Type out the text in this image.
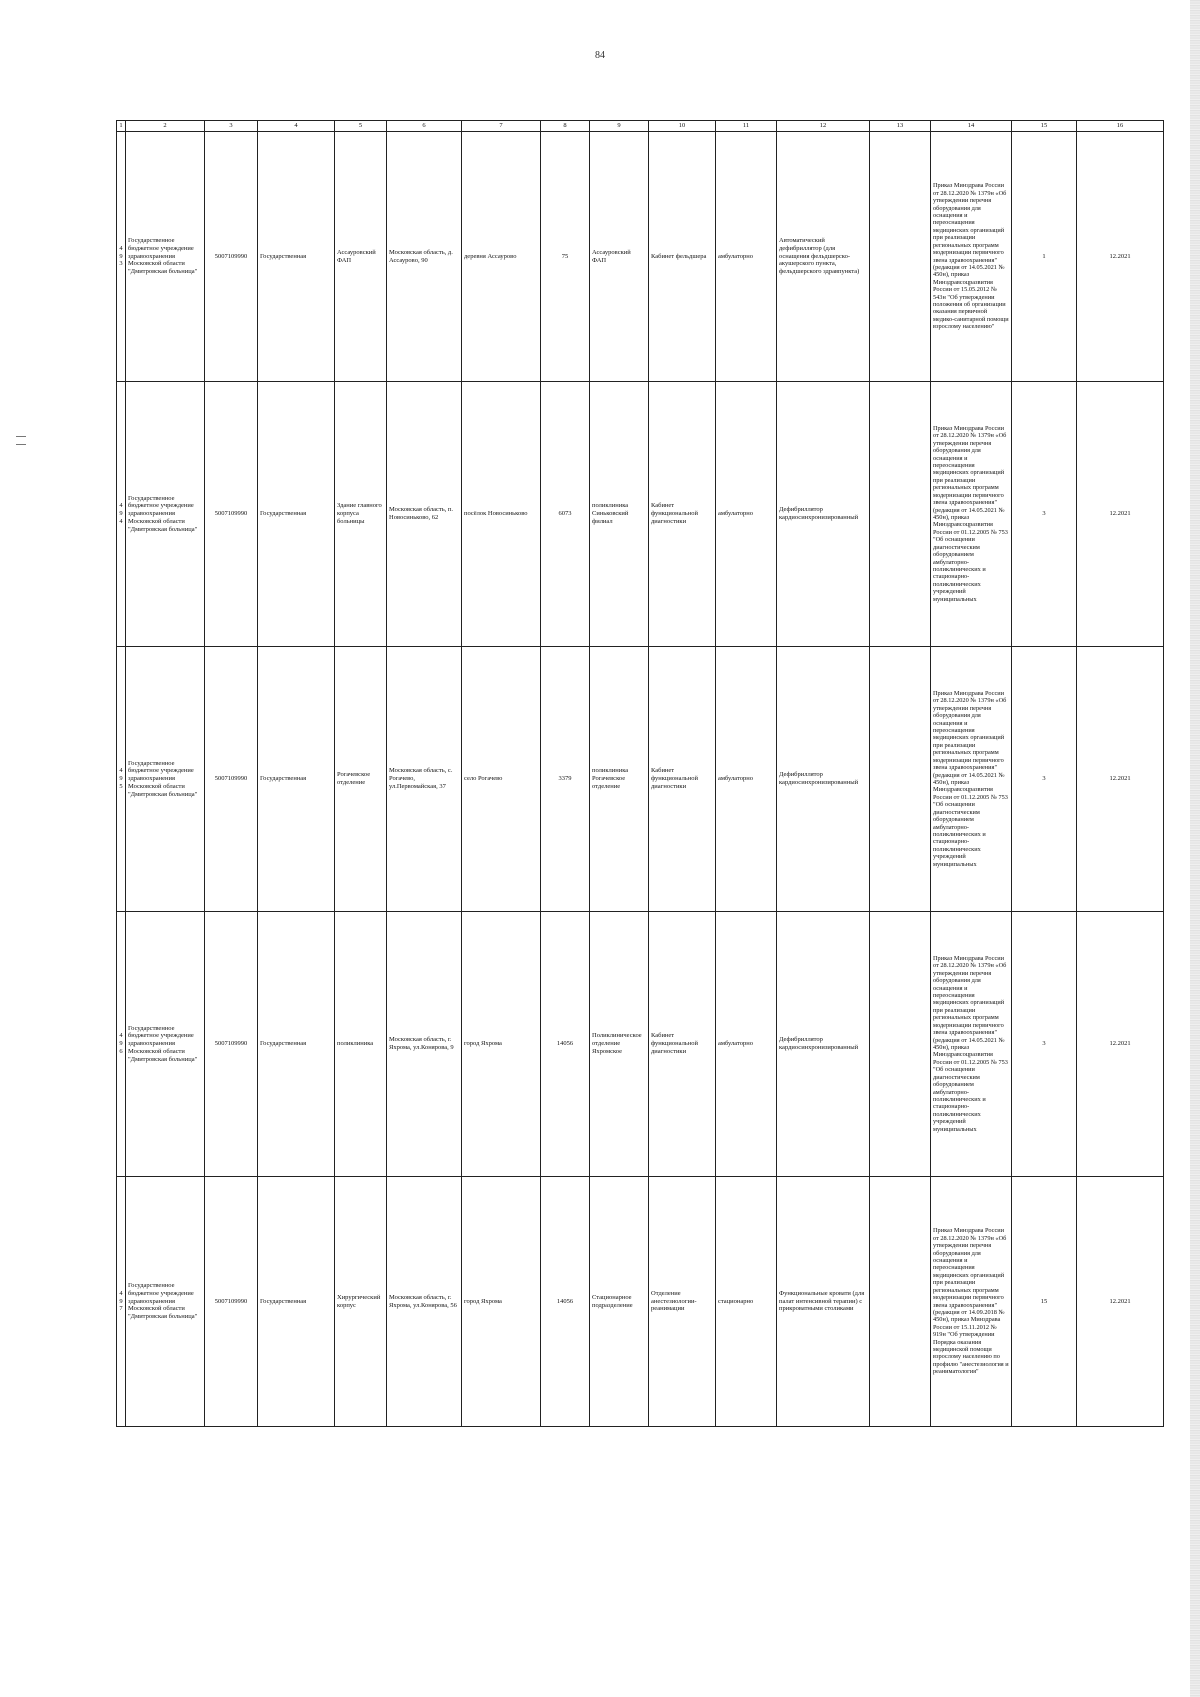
84
1	2	3	4	5	6	7	8	9	10	11	12	13	14	15	16
493	Государственное бюджетное учреждение здравоохранения Московской области "Дмитровская больница"	5007109990	Государственная	Ассауровский ФАП	Московская область, д. Ассаурово, 90	деревня Ассаурово	75	Ассауровский ФАП	Кабинет фельдшера	амбулаторно	Автоматический дефибриллятор (для оснащения фельдшерско-акушерского пункта, фельдшерского здравпункта)		Приказ Минздрава России от 28.12.2020 № 1379н «Об утверждении перечня оборудования для оснащения и переоснащения медицинских организаций при реализации региональных программ модернизации первичного звена здравоохранения"(редакция от 14.05.2021 № 450н), приказ Минздравсоцразвития России от 15.05.2012 № 543н "Об утверждении положения об организации оказания первичной медико-санитарной помощи взрослому населению"	1	12.2021
494	Государственное бюджетное учреждение здравоохранения Московской области "Дмитровская больница"	5007109990	Государственная	Здание главного корпуса больницы	Московская область, п. Новосиньково, 62	посёлок Новосиньково	6073	поликлиника Синьковский филиал	Кабинет функциональной диагностики	амбулаторно	Дефибриллятор кардиосинхронизированный		Приказ Минздрава России от 28.12.2020 № 1379н «Об утверждении перечня оборудования для оснащения и переоснащения медицинских организаций при реализации региональных программ модернизации первичного звена здравоохранения"(редакция от 14.05.2021 № 450н), приказ Минздравсоцразвития России от 01.12.2005 № 753 "Об оснащении диагностическим оборудованием амбулаторно-поликлинических и стационарно-поликлинических учреждений муниципальных	3	12.2021
495	Государственное бюджетное учреждение здравоохранения Московской области "Дмитровская больница"	5007109990	Государственная	Рогачевское отделение	Московская область, с. Рогачево, ул.Первомайская, 37	село Рогачево	3379	поликлиника Рогачевское отделение	Кабинет функциональной диагностики	амбулаторно	Дефибриллятор кардиосинхронизированный		Приказ Минздрава России от 28.12.2020 № 1379н «Об утверждении перечня оборудования для оснащения и переоснащения медицинских организаций при реализации региональных программ модернизации первичного звена здравоохранения"(редакция от 14.05.2021 № 450н), приказ Минздравсоцразвития России от 01.12.2005 № 753 "Об оснащении диагностическим оборудованием амбулаторно-поликлинических и стационарно-поликлинических учреждений муниципальных	3	12.2021
496	Государственное бюджетное учреждение здравоохранения Московской области "Дмитровская больница"	5007109990	Государственная	поликлиника	Московская область, г. Яхрома, ул.Конярова, 9	город Яхрома	14056	Поликлиническое отделение Яхромское	Кабинет функциональной диагностики	амбулаторно	Дефибриллятор кардиосинхронизированный		Приказ Минздрава России от 28.12.2020 № 1379н «Об утверждении перечня оборудования для оснащения и переоснащения медицинских организаций при реализации региональных программ модернизации первичного звена здравоохранения"(редакция от 14.05.2021 № 450н), приказ Минздравсоцразвития России от 01.12.2005 № 753 "Об оснащении диагностическим оборудованием амбулаторно-поликлинических и стационарно-поликлинических учреждений муниципальных	3	12.2021
497	Государственное бюджетное учреждение здравоохранения Московской области "Дмитровская больница"	5007109990	Государственная	Хирургический корпус	Московская область, г. Яхрома, ул.Конярова, 56	город Яхрома	14056	Стационарное подразделение	Отделение анестезиологии-реанимации	стационарно	Функциональные кровати (для палат интенсивной терапии) с прикроватными столиками		Приказ Минздрава России от 28.12.2020 № 1379н «Об утверждении перечня оборудования для оснащения и переоснащения медицинских организаций при реализации региональных программ модернизации первичного звена здравоохранения"(редакция от 14.09.2018 № 450н), приказ Минздрава России от 15.11.2012 № 919н "Об утверждении Порядка оказания медицинской помощи взрослому населению по профилю "анестезиология и реаниматология"	15	12.2021
